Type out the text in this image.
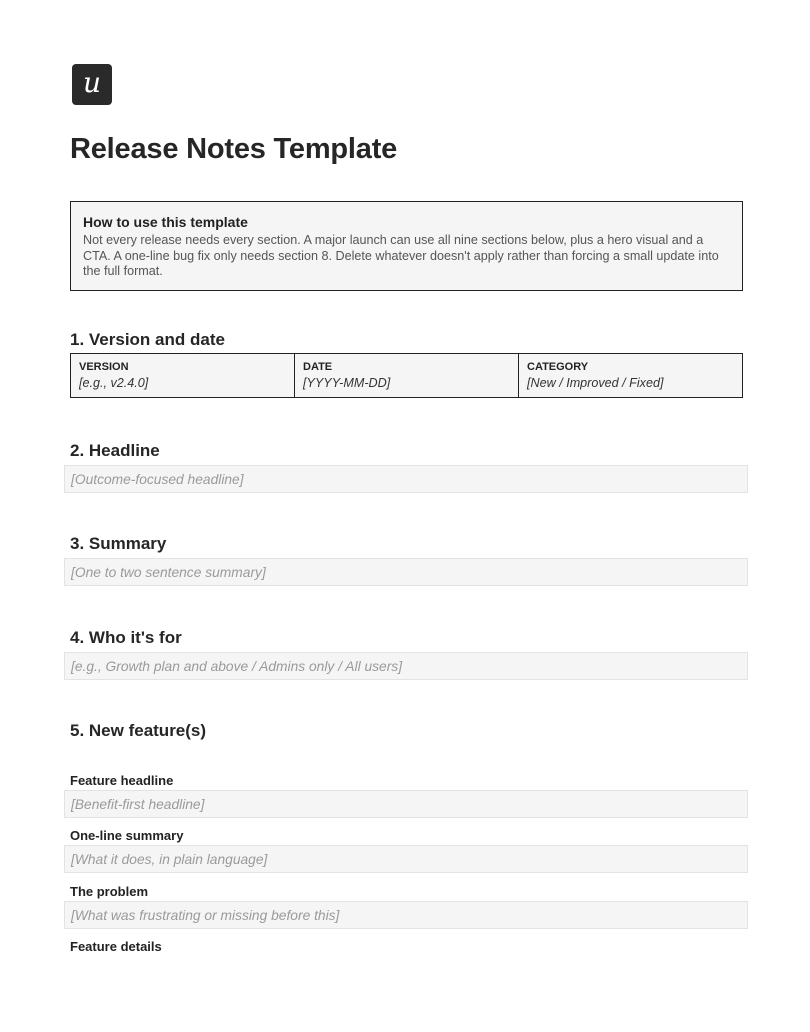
u
Release Notes Template

How to use this template

Not every release needs every section. A major launch can use all nine sections below, plus a hero visual and a CTA. A one-line bug fix only needs section 8. Delete whatever doesn't apply rather than forcing a small update into the full format.

1. Version and date
VERSION
[e.g., v2.4.0]
DATE
[YYYY-MM-DD]
CATEGORY
[New / Improved / Fixed]
2. Headline
[Outcome-focused headline]
3. Summary
[One to two sentence summary]
4. Who it's for
[e.g., Growth plan and above / Admins only / All users]
5. New feature(s)

Feature headline

[Benefit-first headline]

One-line summary

[What it does, in plain language]

The problem

[What was frustrating or missing before this]

Feature details
